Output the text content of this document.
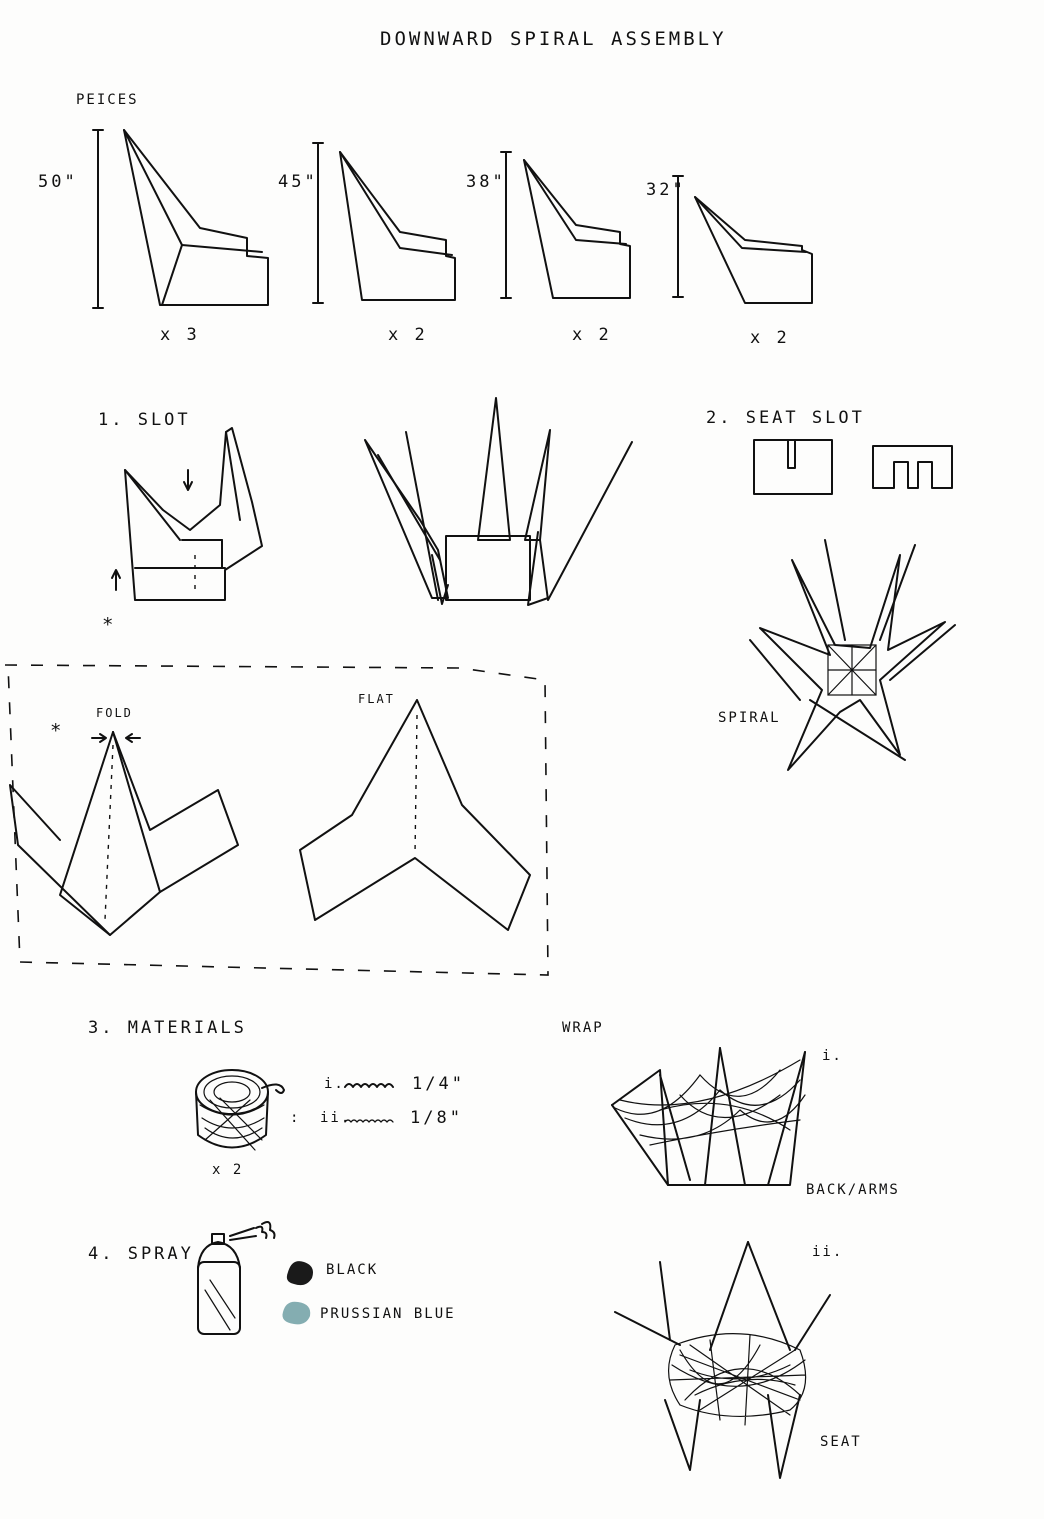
DOWNWARD SPIRAL ASSEMBLY
PEICES
50"	45"	38"	32"
x 3	x 2	x 2	x 2
1. SLOT
*
2. SEAT SLOT
SPIRAL
*
FOLD
FLAT
3. MATERIALS
x 2
i.	1/4"
: ii.	1/8"
WRAP
i.
BACK/ARMS
ii.
SEAT
4. SPRAY
BLACK
PRUSSIAN BLUE
